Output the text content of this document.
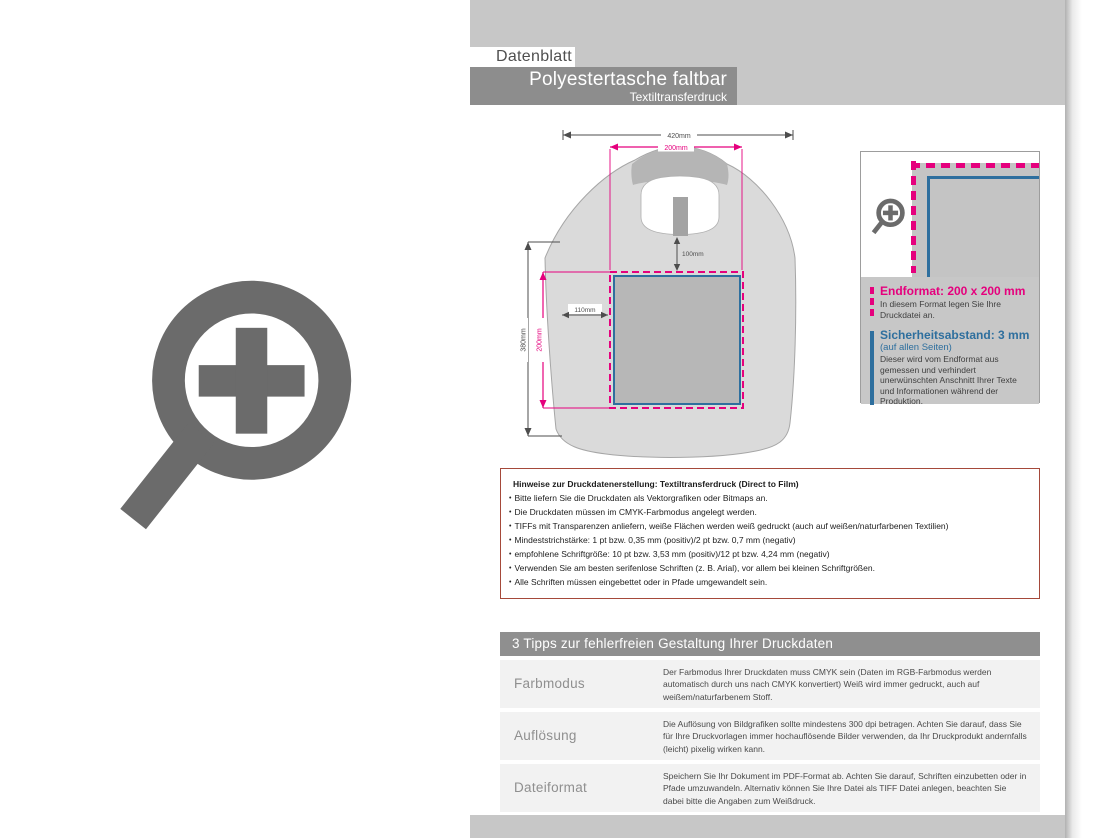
Datenblatt
Polyestertasche faltbar
Textiltransferdruck
420mm
200mm
380mm 200mm
110mm
100mm
Endformat: 200 x 200 mm

In diesem Format legen Sie Ihre Druckdatei an.

Sicherheitsabstand: 3 mm
(auf allen Seiten)

Dieser wird vom Endformat aus gemessen und verhindert unerwünschten Anschnitt Ihrer Texte und Informationen während der Produktion.

Hinweise zur Druckdatenerstellung: Textiltransferdruck (Direct to Film)
• Bitte liefern Sie die Druckdaten als Vektorgrafiken oder Bitmaps an.
• Die Druckdaten müssen im CMYK-Farbmodus angelegt werden.
• TIFFs mit Transparenzen anliefern, weiße Flächen werden weiß gedruckt (auch auf weißen/naturfarbenen Textilien)
• Mindeststrichstärke: 1 pt bzw. 0,35 mm (positiv)/2 pt bzw. 0,7 mm (negativ)
• empfohlene Schriftgröße: 10 pt bzw. 3,53 mm (positiv)/12 pt bzw. 4,24 mm (negativ)
• Verwenden Sie am besten serifenlose Schriften (z. B. Arial), vor allem bei kleinen Schriftgrößen.
• Alle Schriften müssen eingebettet oder in Pfade umgewandelt sein.
3 Tipps zur fehlerfreien Gestaltung Ihrer Druckdaten
Farbmodus
Der Farbmodus Ihrer Druckdaten muss CMYK sein (Daten im RGB-Farbmodus werden automatisch durch uns nach CMYK konvertiert) Weiß wird immer gedruckt, auch auf weißem/naturfarbenem Stoff.
Auflösung
Die Auflösung von Bildgrafiken sollte mindestens 300 dpi betragen. Achten Sie darauf, dass Sie für Ihre Druckvorlagen immer hochauflösende Bilder verwenden, da Ihr Druckprodukt andernfalls (leicht) pixelig wirken kann.
Dateiformat
Speichern Sie Ihr Dokument im PDF-Format ab. Achten Sie darauf, Schriften einzubetten oder in Pfade umzuwandeln. Alternativ können Sie Ihre Datei als TIFF Datei anlegen, beachten Sie dabei bitte die Angaben zum Weißdruck.
